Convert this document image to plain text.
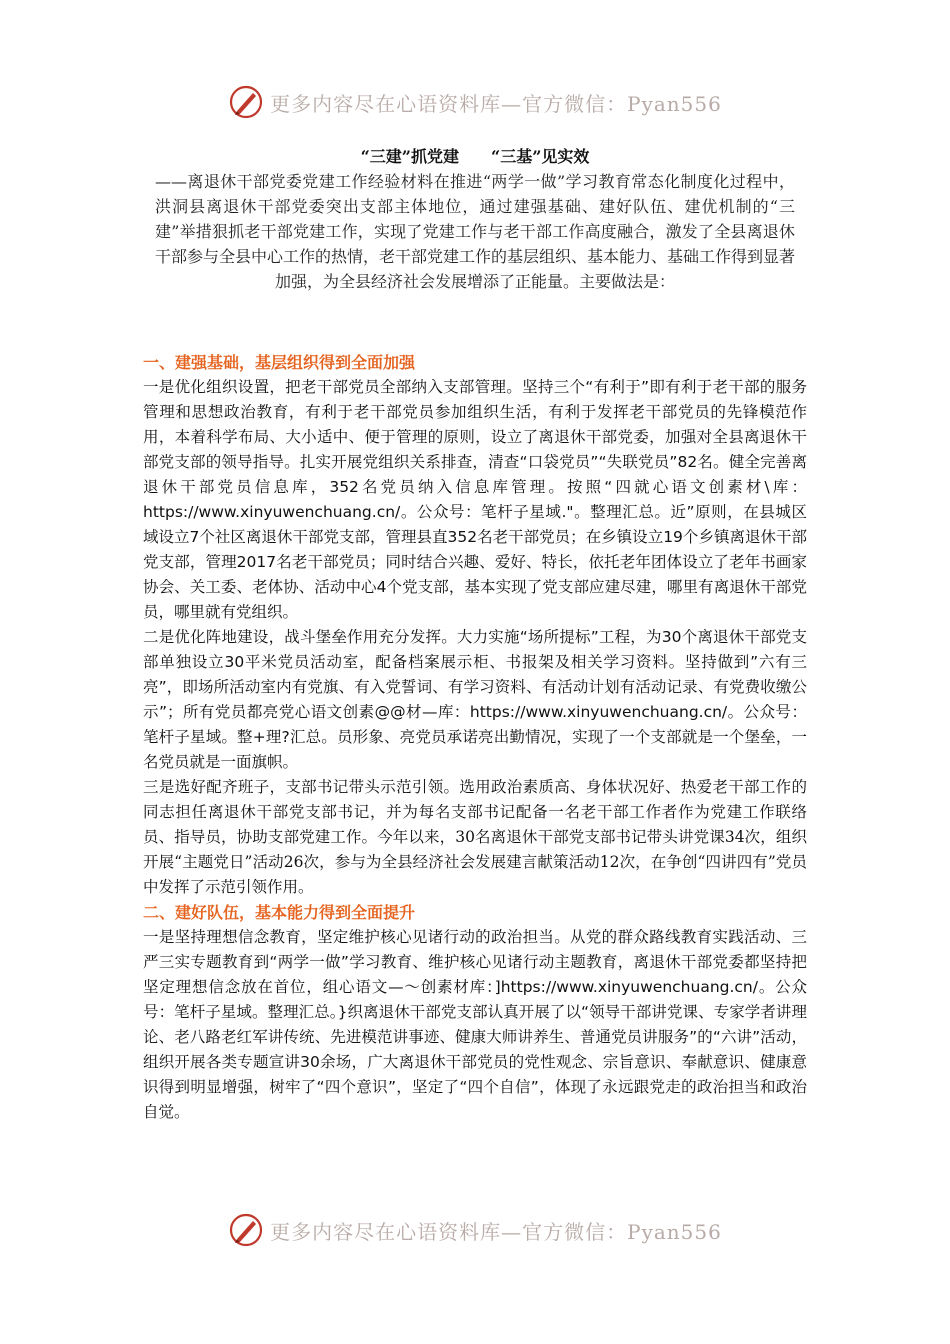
更多内容尽在心语资料库—官方微信：Pyan556

“三建”抓党建　　“三基”见实效

——离退休干部党委党建工作经验材料在推进“两学一做”学习教育常态化制度化过程中，洪洞县离退休干部党委突出支部主体地位，通过建强基础、建好队伍、建优机制的“三建”举措狠抓老干部党建工作，实现了党建工作与老干部工作高度融合，激发了全县离退休干部参与全县中心工作的热情，老干部党建工作的基层组织、基本能力、基础工作得到显著加强，为全县经济社会发展增添了正能量。主要做法是：

一、建强基础，基层组织得到全面加强

一是优化组织设置，把老干部党员全部纳入支部管理。坚持三个“有利于”即有利于老干部的服务管理和思想政治教育，有利于老干部党员参加组织生活，有利于发挥老干部党员的先锋模范作用，本着科学布局、大小适中、便于管理的原则，设立了离退休干部党委，加强对全县离退休干部党支部的领导指导。扎实开展党组织关系排查，清查“口袋党员”“失联党员”82名。健全完善离退休干部党员信息库，352名党员纳入信息库管理。按照“四就心语文创素材\库：https://www.xinyuwenchuang.cn/。公众号：笔杆子星域."。整理汇总。近”原则，在县城区域设立7个社区离退休干部党支部，管理县直352名老干部党员；在乡镇设立19个乡镇离退休干部党支部，管理2017名老干部党员；同时结合兴趣、爱好、特长，依托老年团体设立了老年书画家协会、关工委、老体协、活动中心4个党支部，基本实现了党支部应建尽建，哪里有离退休干部党员，哪里就有党组织。

二是优化阵地建设，战斗堡垒作用充分发挥。大力实施“场所提标”工程，为30个离退休干部党支部单独设立30平米党员活动室，配备档案展示柜、书报架及相关学习资料。坚持做到”六有三亮”，即场所活动室内有党旗、有入党誓词、有学习资料、有活动计划有活动记录、有党费收缴公示”；所有党员都亮党心语文创素@@材—库：https://www.xinyuwenchuang.cn/。公众号：笔杆子星域。整+理?汇总。员形象、亮党员承诺亮出勤情况，实现了一个支部就是一个堡垒，一名党员就是一面旗帜。

三是选好配齐班子，支部书记带头示范引领。选用政治素质高、身体状况好、热爱老干部工作的同志担任离退休干部党支部书记，并为每名支部书记配备一名老干部工作者作为党建工作联络员、指导员，协助支部党建工作。今年以来，30名离退休干部党支部书记带头讲党课34次，组织开展“主题党日”活动26次，参与为全县经济社会发展建言献策活动12次，在争创“四讲四有”党员中发挥了示范引领作用。

二、建好队伍，基本能力得到全面提升

一是坚持理想信念教育，坚定维护核心见诸行动的政治担当。从党的群众路线教育实践活动、三严三实专题教育到“两学一做”学习教育、维护核心见诸行动主题教育，离退休干部党委都坚持把坚定理想信念放在首位，组心语文—～创素材库：]https://www.xinyuwenchuang.cn/。公众号：笔杆子星域。整理汇总。}织离退休干部党支部认真开展了以“领导干部讲党课、专家学者讲理论、老八路老红军讲传统、先进模范讲事迹、健康大师讲养生、普通党员讲服务”的“六讲”活动，组织开展各类专题宣讲30余场，广大离退休干部党员的党性观念、宗旨意识、奉献意识、健康意识得到明显增强，树牢了“四个意识”，坚定了“四个自信”，体现了永远跟党走的政治担当和政治自觉。

更多内容尽在心语资料库—官方微信：Pyan556
